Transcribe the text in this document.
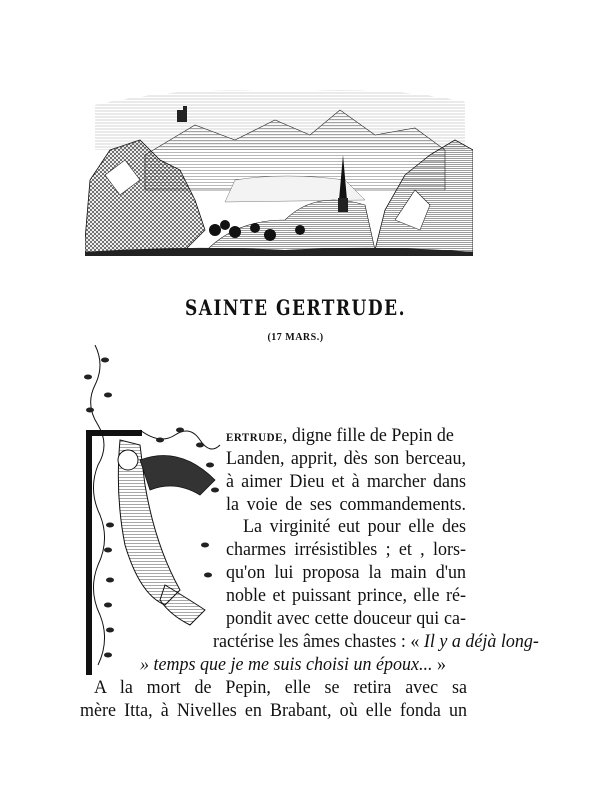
SAINTE GERTRUDE.
(17 MARS.)
ERTRUDE, digne fille de Pepin de
Landen, apprit, dès son berceau,
à aimer Dieu et à marcher dans
la voie de ses commandements.
La virginité eut pour elle des
charmes irrésistibles ; et , lors-
qu'on lui proposa la main d'un
noble et puissant prince, elle ré-
pondit avec cette douceur qui ca-
ractérise les âmes chastes : « Il y a déjà long-
» temps que je me suis choisi un époux... »
A la mort de Pepin, elle se retira avec sa
mère Itta, à Nivelles en Brabant, où elle fonda un
